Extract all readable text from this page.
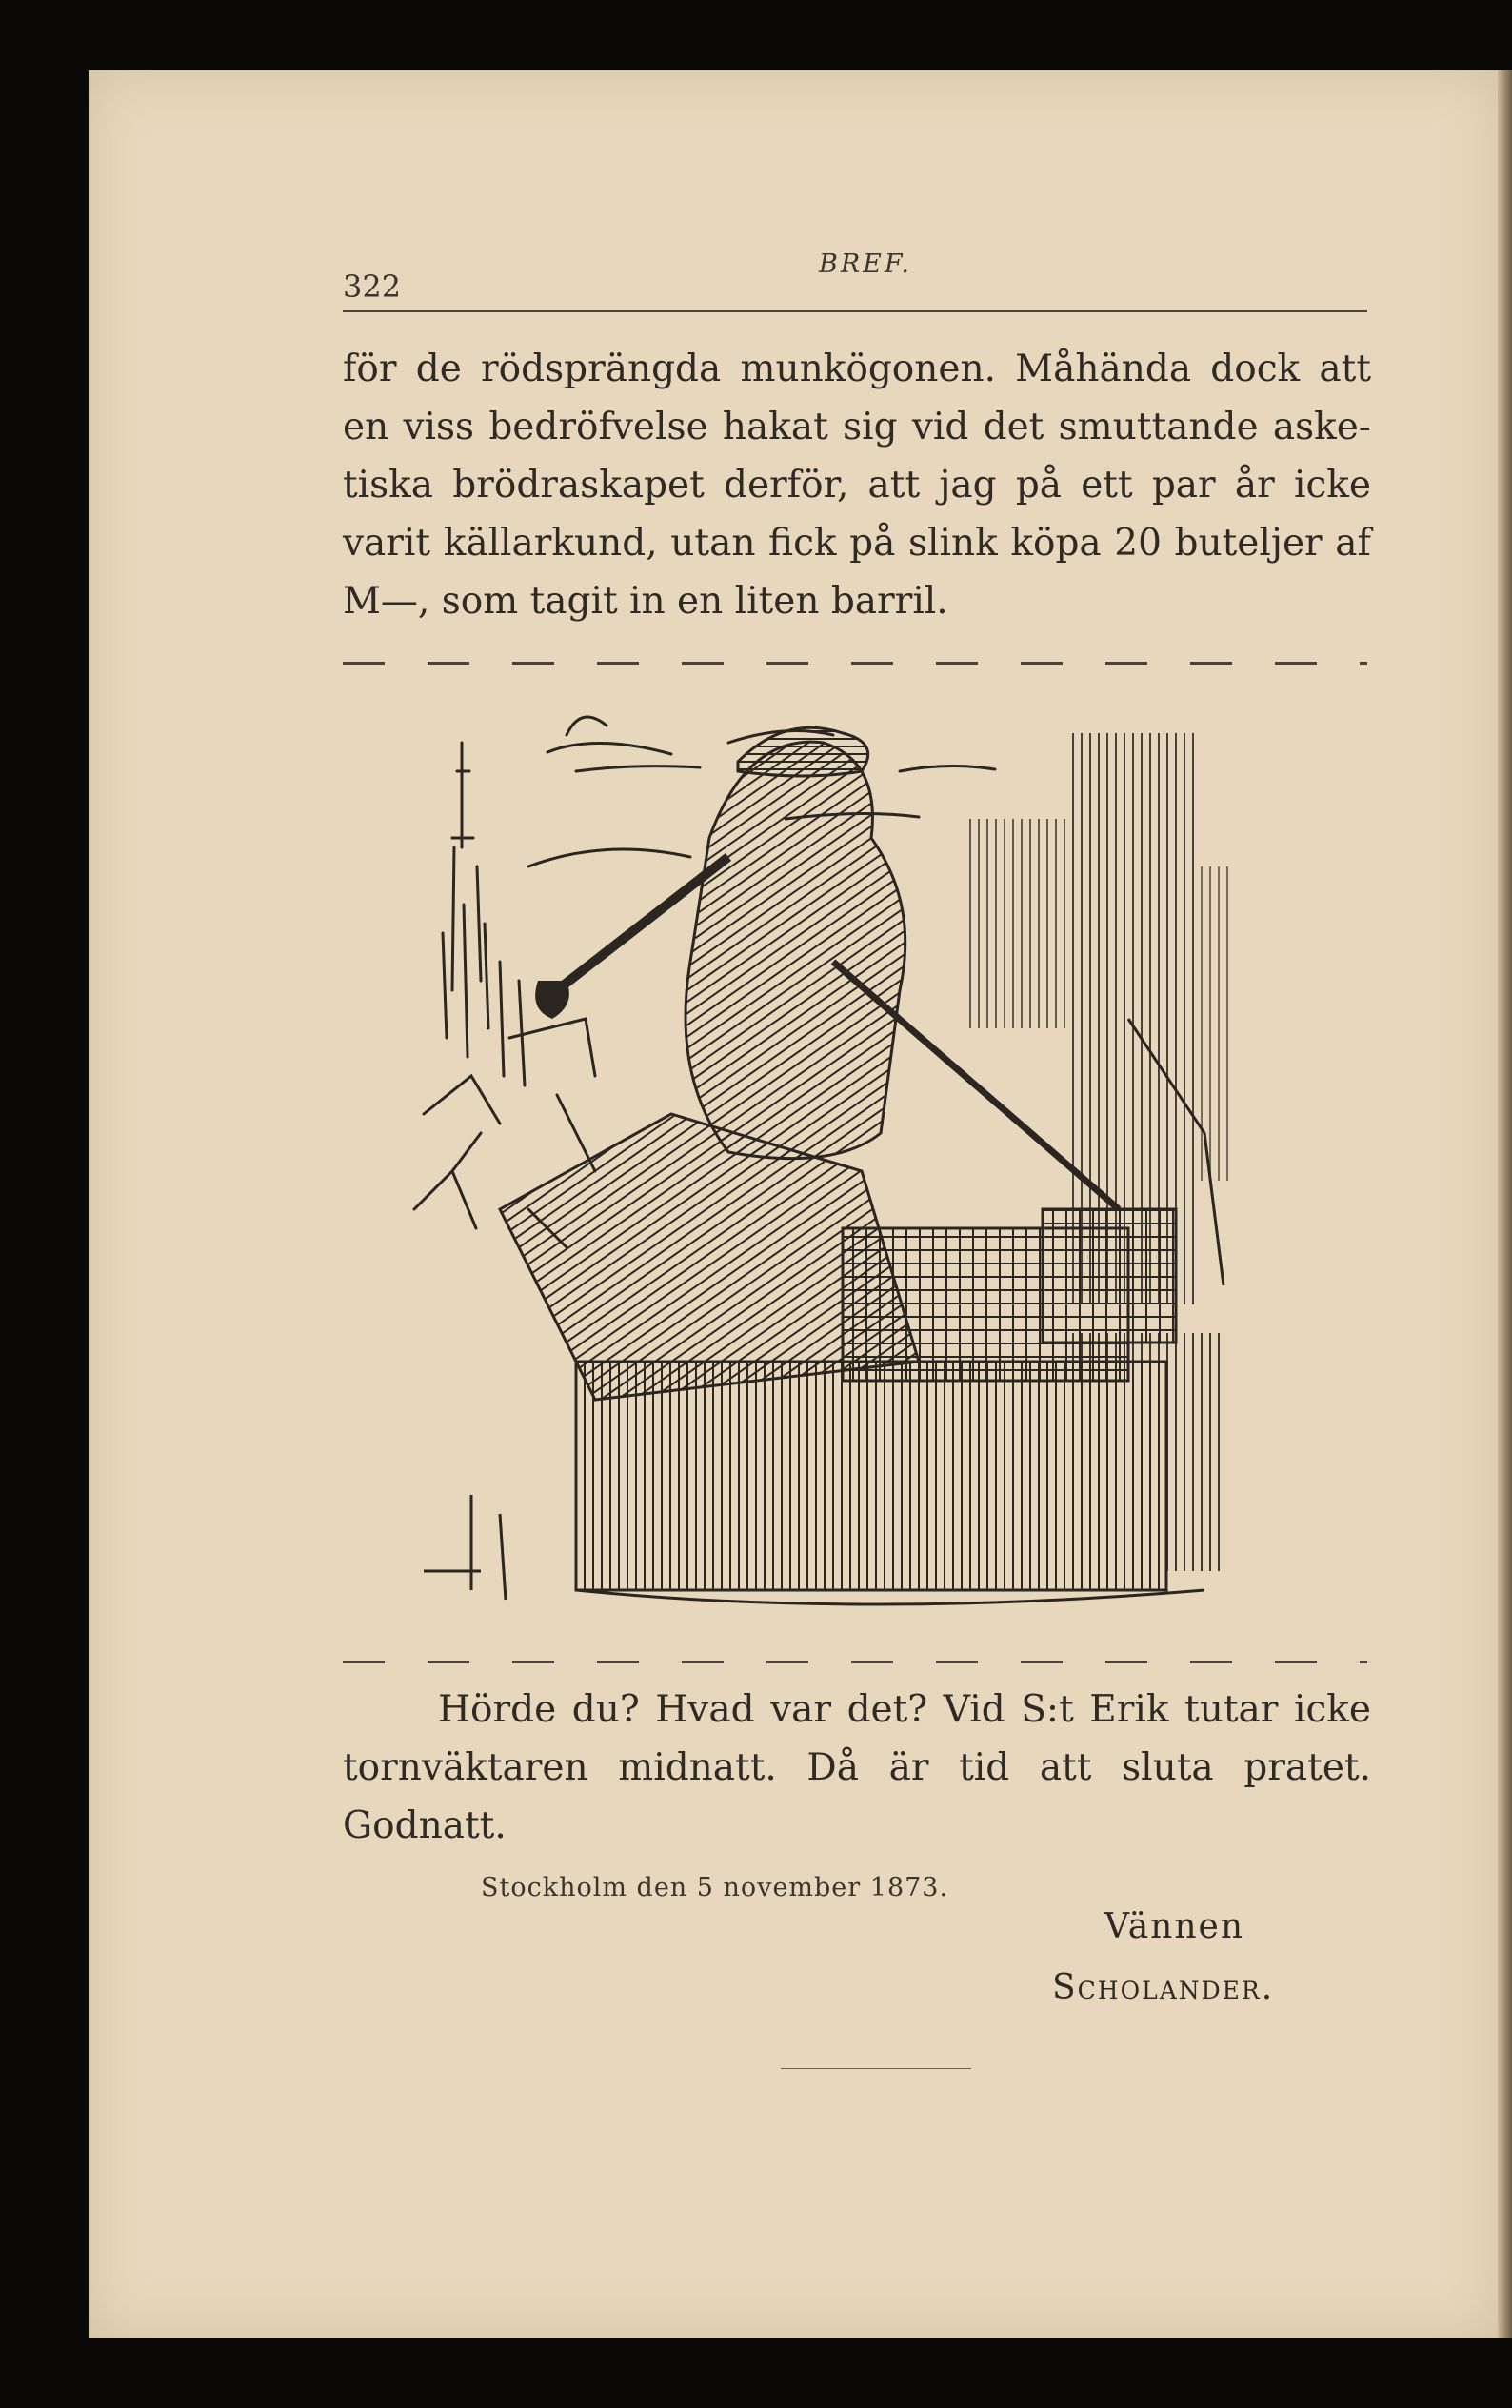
322
BREF.

för de rödsprängda munkögonen. Måhända dock att
en viss bedröfvelse hakat sig vid det smuttande aske-
tiska brödraskapet derför, att jag på ett par år icke
varit källarkund, utan fick på slink köpa 20 buteljer af
M—, som tagit in en liten barril.

Hörde du? Hvad var det? Vid S:t Erik tutar icke
tornväktaren midnatt. Då är tid att sluta pratet.
Godnatt.

Stockholm den 5 november 1873.
Vännen
Scholander.
